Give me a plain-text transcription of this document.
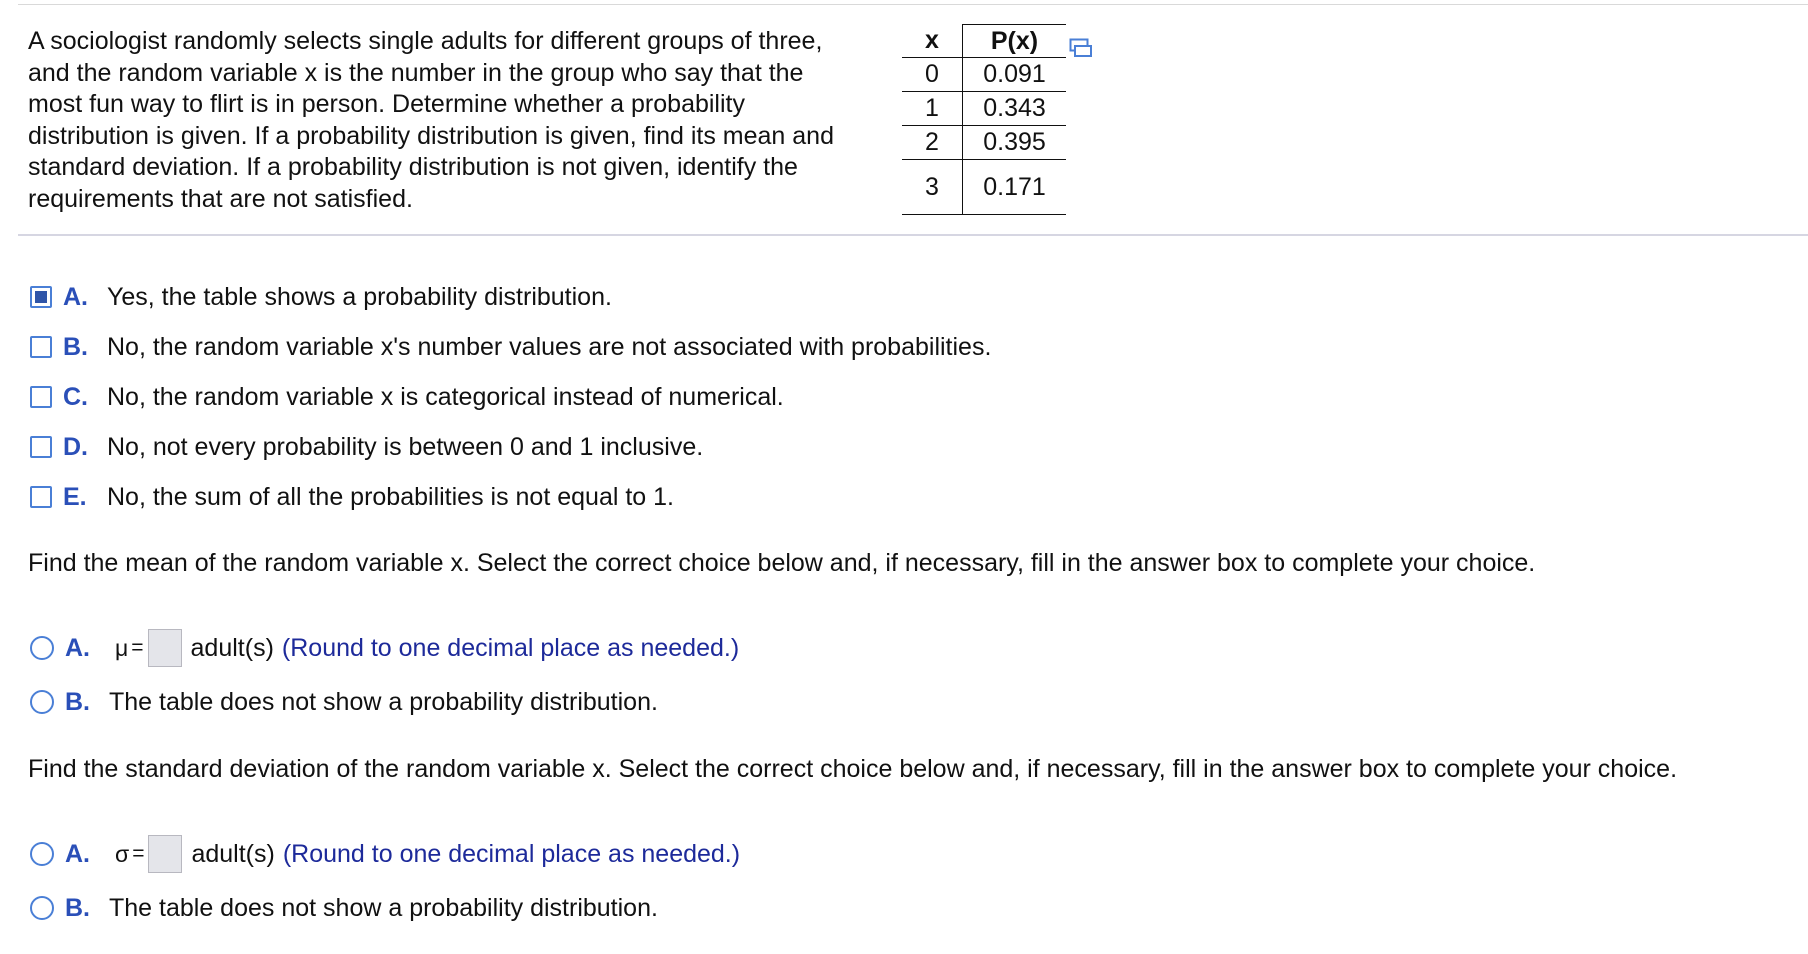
A sociologist randomly selects single adults for different groups of three,
and the random variable x is the number in the group who say that the
most fun way to flirt is in person. Determine whether a probability
distribution is given. If a probability distribution is given, find its mean and
standard deviation. If a probability distribution is not given, identify the
requirements that are not satisfied.
x	P(x)
0	0.091
1	0.343
2	0.395
3	0.171
A. Yes, the table shows a probability distribution.
B. No, the random variable x's number values are not associated with probabilities.
C. No, the random variable x is categorical instead of numerical.
D. No, not every probability is between 0 and 1 inclusive.
E. No, the sum of all the probabilities is not equal to 1.
Find the mean of the random variable x. Select the correct choice below and, if necessary, fill in the answer box to complete your choice.
A.	μ = adult(s) (Round to one decimal place as needed.)
B. The table does not show a probability distribution.
Find the standard deviation of the random variable x. Select the correct choice below and, if necessary, fill in the answer box to complete your choice.
A.	σ = adult(s) (Round to one decimal place as needed.)
B. The table does not show a probability distribution.
